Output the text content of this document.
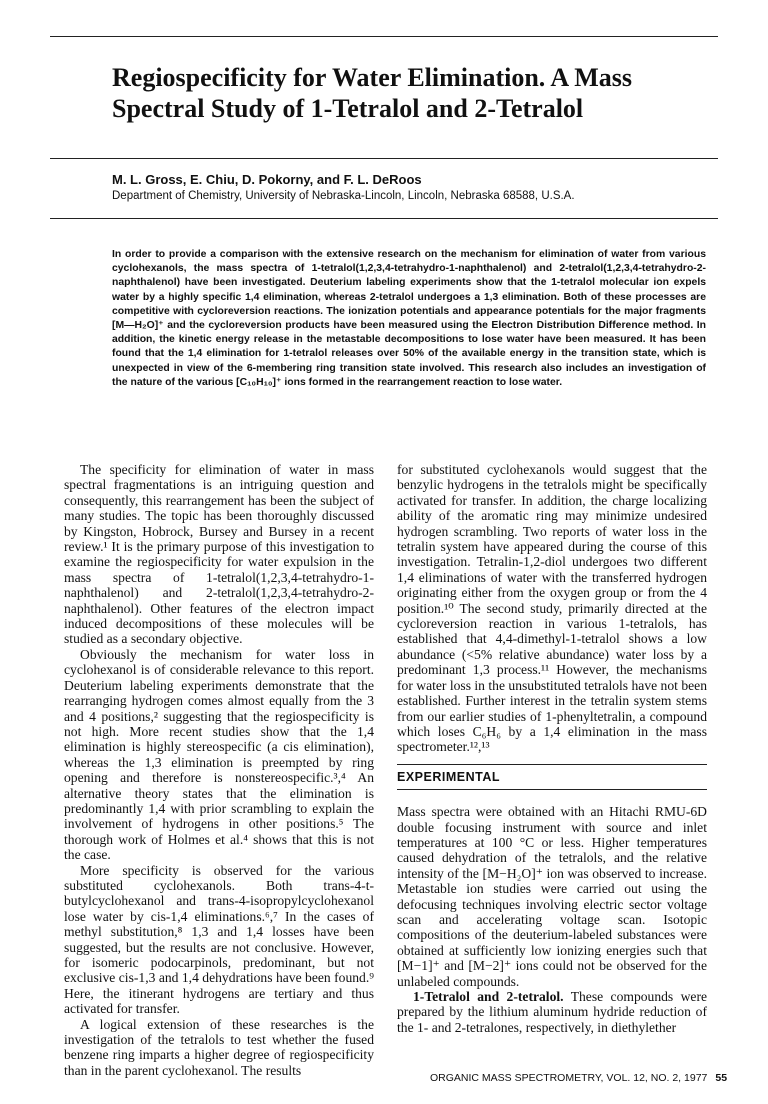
Regiospecificity for Water Elimination. A Mass Spectral Study of 1-Tetralol and 2-Tetralol
M. L. Gross, E. Chiu, D. Pokorny, and F. L. DeRoos
Department of Chemistry, University of Nebraska-Lincoln, Lincoln, Nebraska 68588, U.S.A.

In order to provide a comparison with the extensive research on the mechanism for elimination of water from various cyclohexanols, the mass spectra of 1-tetralol(1,2,3,4-tetrahydro-1-naphthalenol) and 2-tetralol(1,2,3,4-tetrahydro-2-naphthalenol) have been investigated. Deuterium labeling experiments show that the 1-tetralol molecular ion expels water by a highly specific 1,4 elimination, whereas 2-tetralol undergoes a 1,3 elimination. Both of these processes are competitive with cycloreversion reactions. The ionization potentials and appearance potentials for the major fragments [M—H₂O]⁺ and the cycloreversion products have been measured using the Electron Distribution Difference method. In addition, the kinetic energy release in the metastable decompositions to lose water have been measured. It has been found that the 1,4 elimination for 1-tetralol releases over 50% of the available energy in the transition state, which is unexpected in view of the 6-membering ring transition state involved. This research also includes an investigation of the nature of the various [C₁₀H₁₀]⁺ ions formed in the rearrangement reaction to lose water.

The specificity for elimination of water in mass spectral fragmentations is an intriguing question and consequently, this rearrangement has been the subject of many studies. The topic has been thoroughly discussed by Kingston, Hobrock, Bursey and Bursey in a recent review.¹ It is the primary purpose of this investigation to examine the regiospecificity for water expulsion in the mass spectra of 1-tetralol(1,2,3,4-tetrahydro-1-naphthalenol) and 2-tetralol(1,2,3,4-tetrahydro-2-naphthalenol). Other features of the electron impact induced decompositions of these molecules will be studied as a secondary objective.

Obviously the mechanism for water loss in cyclohexanol is of considerable relevance to this report. Deuterium labeling experiments demonstrate that the rearranging hydrogen comes almost equally from the 3 and 4 positions,² suggesting that the regiospecificity is not high. More recent studies show that the 1,4 elimination is highly stereospecific (a cis elimination), whereas the 1,3 elimination is preempted by ring opening and therefore is nonstereospecific.³,⁴ An alternative theory states that the elimination is predominantly 1,4 with prior scrambling to explain the involvement of hydrogens in other positions.⁵ The thorough work of Holmes et al.⁴ shows that this is not the case.

More specificity is observed for the various substituted cyclohexanols. Both trans-4-t-butylcyclohexanol and trans-4-isopropylcyclohexanol lose water by cis-1,4 eliminations.⁶,⁷ In the cases of methyl substitution,⁸ 1,3 and 1,4 losses have been suggested, but the results are not conclusive. However, for isomeric podocarpinols, predominant, but not exclusive cis-1,3 and 1,4 dehydrations have been found.⁹ Here, the itinerant hydrogens are tertiary and thus activated for transfer.

A logical extension of these researches is the investigation of the tetralols to test whether the fused benzene ring imparts a higher degree of regiospecificity than in the parent cyclohexanol. The results

for substituted cyclohexanols would suggest that the benzylic hydrogens in the tetralols might be specifically activated for transfer. In addition, the charge localizing ability of the aromatic ring may minimize undesired hydrogen scrambling. Two reports of water loss in the tetralin system have appeared during the course of this investigation. Tetralin-1,2-diol undergoes two different 1,4 eliminations of water with the transferred hydrogen originating either from the oxygen group or from the 4 position.¹⁰ The second study, primarily directed at the cycloreversion reaction in various 1-tetralols, has established that 4,4-dimethyl-1-tetralol shows a low abundance (<5% relative abundance) water loss by a predominant 1,3 process.¹¹ However, the mechanisms for water loss in the unsubstituted tetralols have not been established. Further interest in the tetralin system stems from our earlier studies of 1-phenyltetralin, a compound which loses C₆H₆ by a 1,4 elimination in the mass spectrometer.¹²,¹³

EXPERIMENTAL

Mass spectra were obtained with an Hitachi RMU-6D double focusing instrument with source and inlet temperatures at 100 °C or less. Higher temperatures caused dehydration of the tetralols, and the relative intensity of the [M−H₂O]⁺ ion was observed to increase. Metastable ion studies were carried out using the defocusing techniques involving electric sector voltage scan and accelerating voltage scan. Isotopic compositions of the deuterium-labeled substances were obtained at sufficiently low ionizing energies such that [M−1]⁺ and [M−2]⁺ ions could not be observed for the unlabeled compounds.

1-Tetralol and 2-tetralol. These compounds were prepared by the lithium aluminum hydride reduction of the 1- and 2-tetralones, respectively, in diethylether

ORGANIC MASS SPECTROMETRY, VOL. 12, NO. 2, 1977 55
